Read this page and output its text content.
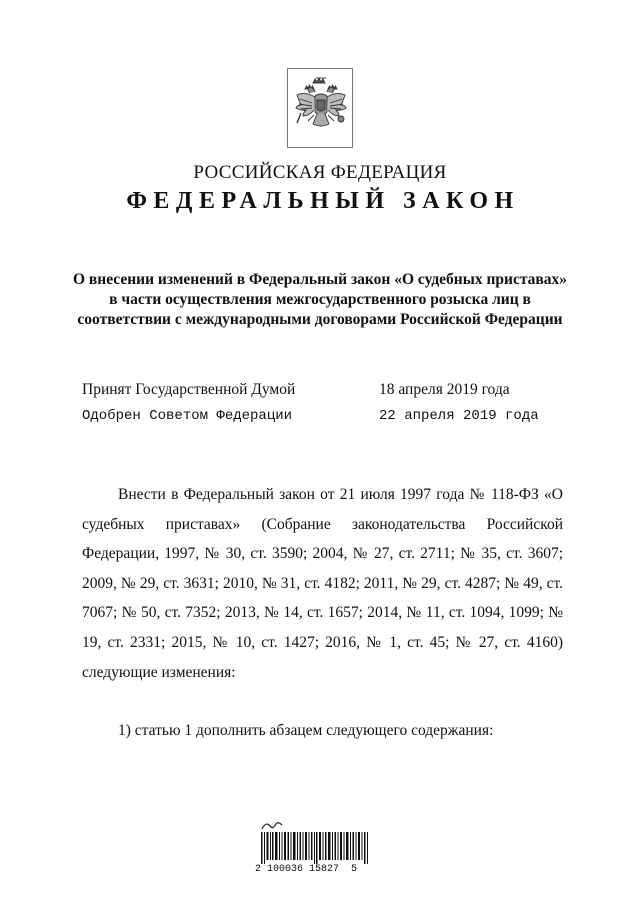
РОССИЙСКАЯ ФЕДЕРАЦИЯ
ФЕДЕРАЛЬНЫЙ ЗАКОН
О внесении изменений в Федеральный закон «О судебных приставах»
в части осуществления межгосударственного розыска лиц в
соответствии с международными договорами Российской Федерации
Принят Государственной Думой	18 апреля 2019 года
Одобрен Советом Федерации	22 апреля 2019 года

Внести в Федеральный закон от 21 июля 1997 года № 118-ФЗ «О судебных приставах» (Собрание законодательства Российской Федерации, 1997, № 30, ст. 3590; 2004, № 27, ст. 2711; № 35, ст. 3607; 2009, № 29, ст. 3631; 2010, № 31, ст. 4182; 2011, № 29, ст. 4287; № 49, ст. 7067; № 50, ст. 7352; 2013, № 14, ст. 1657; 2014, № 11, ст. 1094, 1099; № 19, ст. 2331; 2015, № 10, ст. 1427; 2016, № 1, ст. 45; № 27, ст. 4160) следующие изменения:

1) статью 1 дополнить абзацем следующего содержания:
2 100036 15827  5
